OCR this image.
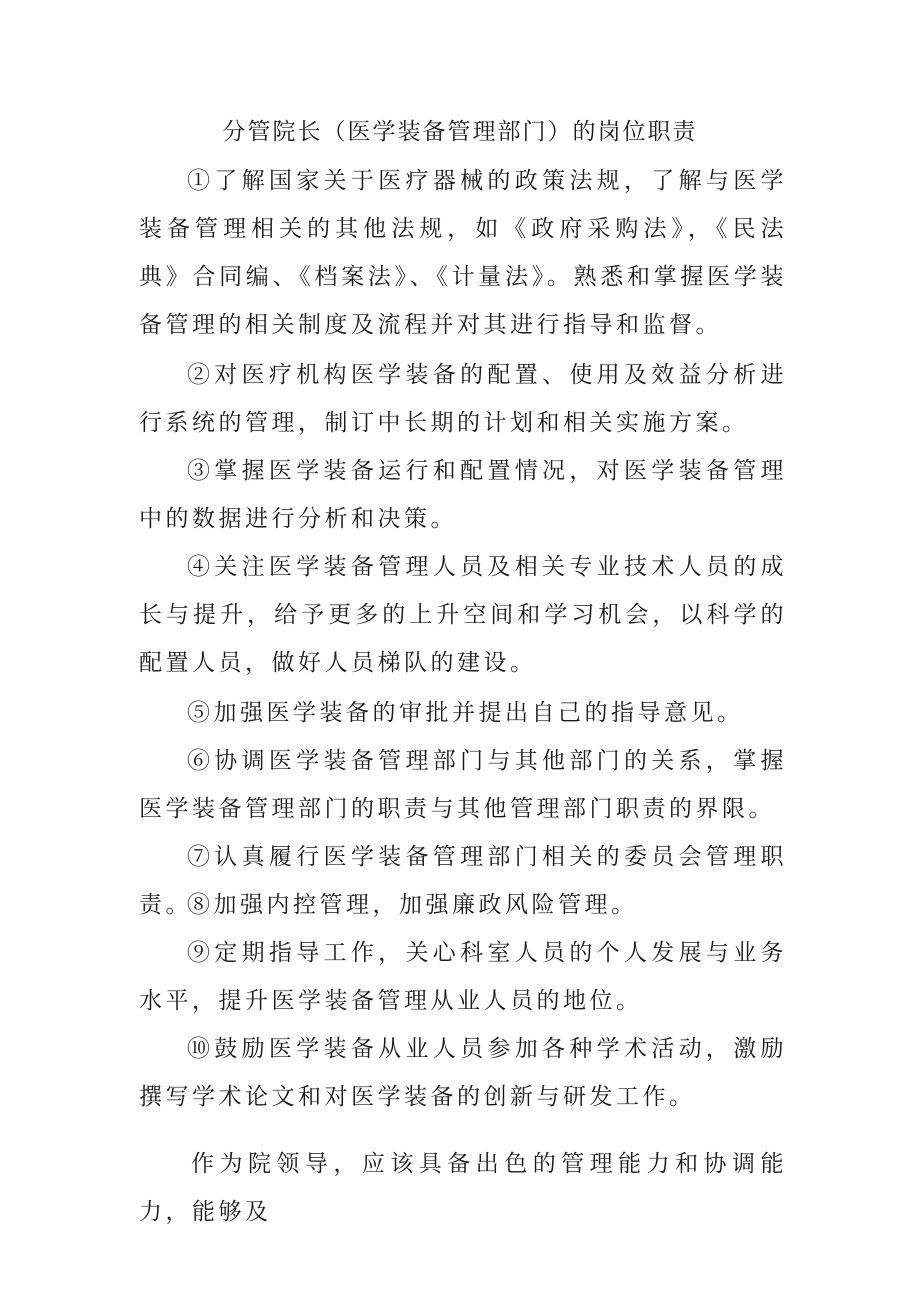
分管院长（医学装备管理部门）的岗位职责

①了解国家关于医疗器械的政策法规，了解与医学装备管理相关的其他法规，如《政府采购法》，《民法典》合同编、《档案法》、《计量法》。熟悉和掌握医学装备管理的相关制度及流程并对其进行指导和监督。

②对医疗机构医学装备的配置、使用及效益分析进行系统的管理，制订中长期的计划和相关实施方案。

③掌握医学装备运行和配置情况，对医学装备管理中的数据进行分析和决策。

④关注医学装备管理人员及相关专业技术人员的成长与提升，给予更多的上升空间和学习机会，以科学的配置人员，做好人员梯队的建设。

⑤加强医学装备的审批并提出自己的指导意见。

⑥协调医学装备管理部门与其他部门的关系，掌握医学装备管理部门的职责与其他管理部门职责的界限。

⑦认真履行医学装备管理部门相关的委员会管理职责。

⑧加强内控管理，加强廉政风险管理。

⑨定期指导工作，关心科室人员的个人发展与业务水平，提升医学装备管理从业人员的地位。

⑩鼓励医学装备从业人员参加各种学术活动，激励撰写学术论文和对医学装备的创新与研发工作。

作为院领导，应该具备出色的管理能力和协调能力，能够及
